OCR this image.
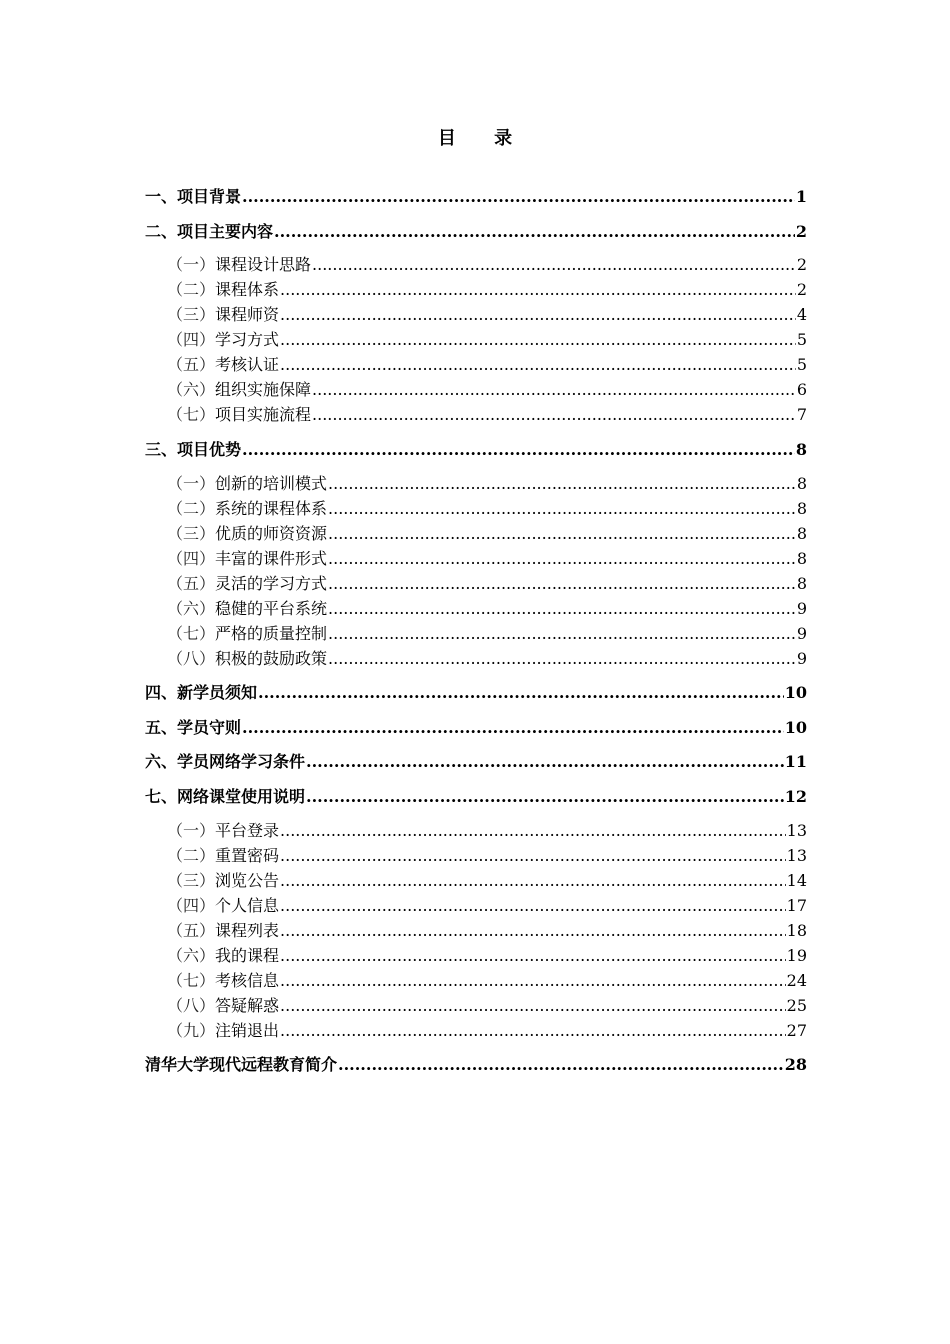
目 录
一、项目背景 .....	1
二、项目主要内容 .....	2
（一） 课程设计思路 .....	2
（二） 课程体系 .....	2
（三） 课程师资 .....	4
（四） 学习方式 .....	5
（五） 考核认证 .....	5
（六） 组织实施保障 .....	6
（七） 项目实施流程 .....	7
三、项目优势 .....	8
（一） 创新的培训模式 .....	8
（二） 系统的课程体系 .....	8
（三） 优质的师资资源 .....	8
（四） 丰富的课件形式 .....	8
（五） 灵活的学习方式 .....	8
（六） 稳健的平台系统 .....	9
（七） 严格的质量控制 .....	9
（八） 积极的鼓励政策 .....	9
四、新学员须知 .....	10
五、学员守则 .....	10
六、学员网络学习条件 .....	11
七、网络课堂使用说明 .....	12
（一） 平台登录 .....	13
（二） 重置密码 .....	13
（三） 浏览公告 .....	14
（四） 个人信息 .....	17
（五） 课程列表 .....	18
（六） 我的课程 .....	19
（七） 考核信息 .....	24
（八） 答疑解惑 .....	25
（九） 注销退出 .....	27
清华大学现代远程教育简介 .....	28
